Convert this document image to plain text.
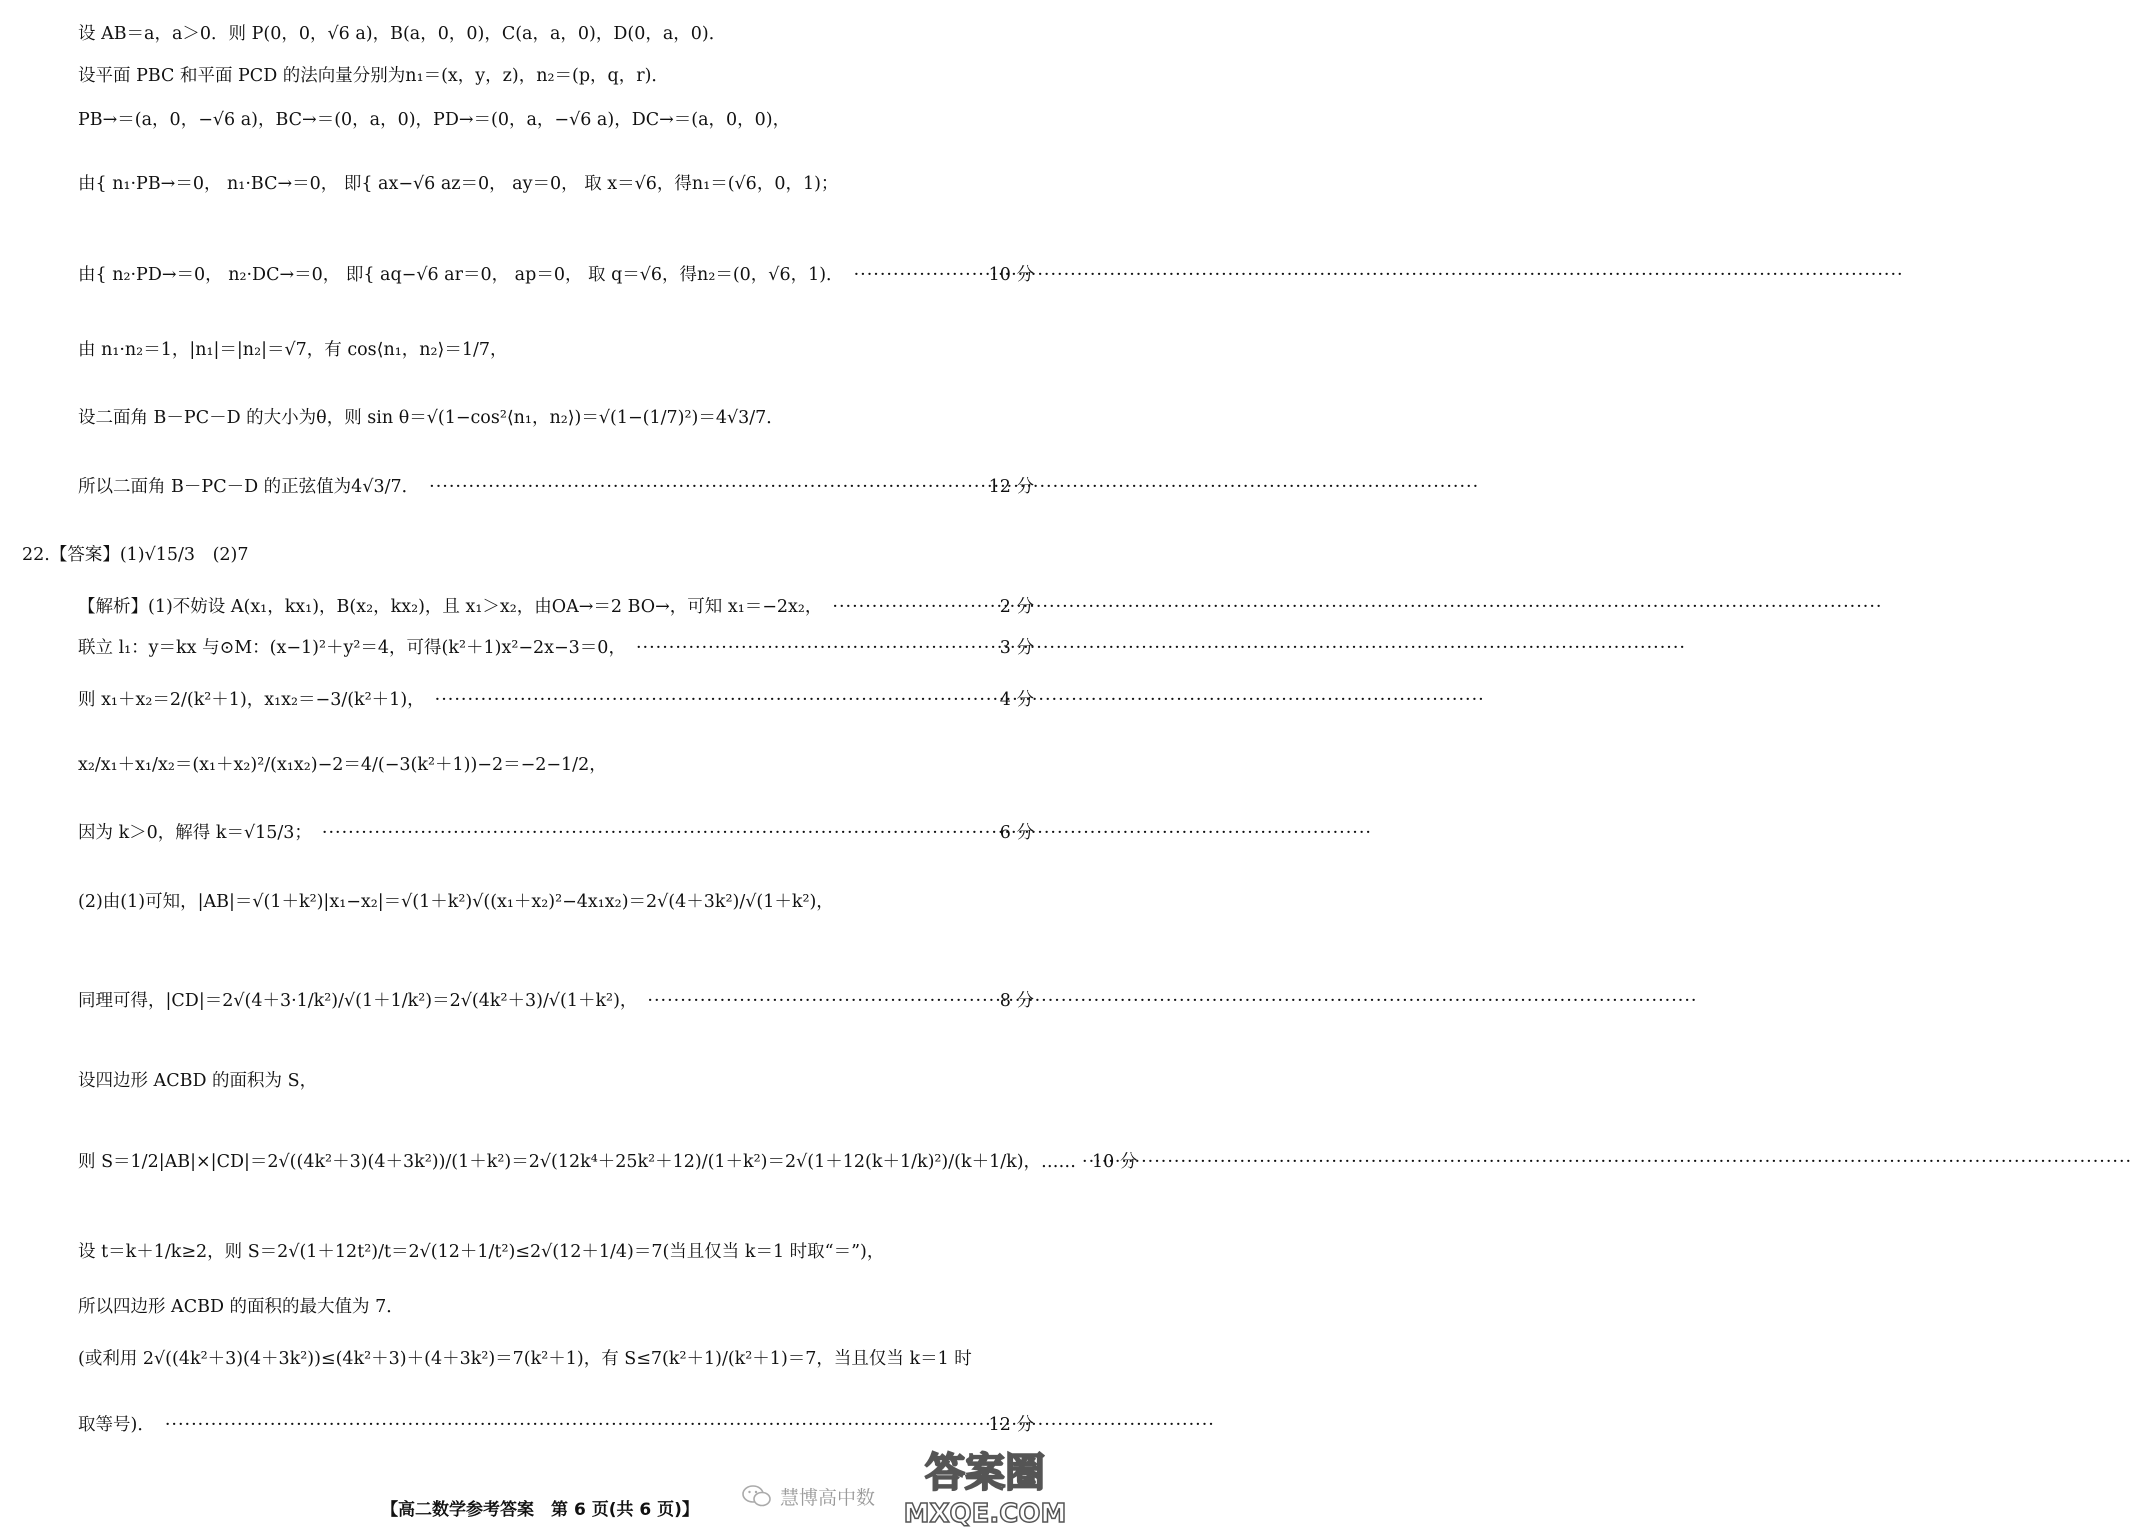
设 AB＝a，a＞0．则 P(0，0，√6 a)，B(a，0，0)，C(a，a，0)，D(0，a，0)．
设平面 PBC 和平面 PCD 的法向量分别为n₁＝(x，y，z)，n₂＝(p，q，r)．
PB→＝(a，0，−√6 a)，BC→＝(0，a，0)，PD→＝(0，a，−√6 a)，DC→＝(a，0，0)，
由{ n₁·PB→＝0， n₁·BC→＝0， 即{ ax−√6 az＝0， ay＝0， 取 x＝√6，得n₁＝(√6，0，1)；
由{ n₂·PD→＝0， n₂·DC→＝0， 即{ aq−√6 ar＝0， ap＝0， 取 q＝√6，得n₂＝(0，√6，1)． ·····	10 分
由 n₁·n₂＝1，|n₁|＝|n₂|＝√7，有 cos⟨n₁，n₂⟩＝1/7，
设二面角 B－PC－D 的大小为θ，则 sin θ＝√(1−cos²⟨n₁，n₂⟩)＝√(1−(1/7)²)＝4√3/7．
所以二面角 B－PC－D 的正弦值为4√3/7． ·····	12 分
22.【答案】(1)√15/3　(2)7
【解析】(1)不妨设 A(x₁，kx₁)，B(x₂，kx₂)，且 x₁＞x₂，由OA→＝2 BO→，可知 x₁＝−2x₂， ·····	2 分
联立 l₁：y＝kx 与⊙M：(x−1)²＋y²＝4，可得(k²＋1)x²−2x−3＝0， ·····	3 分
则 x₁＋x₂＝2/(k²＋1)，x₁x₂＝−3/(k²＋1)， ·····	4 分
x₂/x₁＋x₁/x₂＝(x₁＋x₂)²/(x₁x₂)−2＝4/(−3(k²＋1))−2＝−2−1/2，
因为 k＞0，解得 k＝√15/3； ·····	6 分
(2)由(1)可知，|AB|＝√(1＋k²)|x₁−x₂|＝√(1＋k²)√((x₁＋x₂)²−4x₁x₂)＝2√(4＋3k²)/√(1＋k²)，
同理可得，|CD|＝2√(4＋3·1/k²)/√(1＋1/k²)＝2√(4k²＋3)/√(1＋k²)， ·····	8 分
设四边形 ACBD 的面积为 S，
则 S＝1/2|AB|×|CD|＝2√((4k²＋3)(4＋3k²))/(1＋k²)＝2√(12k⁴＋25k²＋12)/(1＋k²)＝2√(1＋12(k＋1/k)²)/(k＋1/k)，…… ····· 10 分
设 t＝k＋1/k≥2，则 S＝2√(1＋12t²)/t＝2√(12＋1/t²)≤2√(12＋1/4)＝7(当且仅当 k＝1 时取“＝”)，
所以四边形 ACBD 的面积的最大值为 7．
(或利用 2√((4k²＋3)(4＋3k²))≤(4k²＋3)＋(4＋3k²)＝7(k²＋1)，有 S≤7(k²＋1)/(k²＋1)＝7，当且仅当 k＝1 时
取等号)． ·····	12 分
慧博高中数
【高二数学参考答案　第 6 页(共 6 页)】
答案圈
MXQE.COM
